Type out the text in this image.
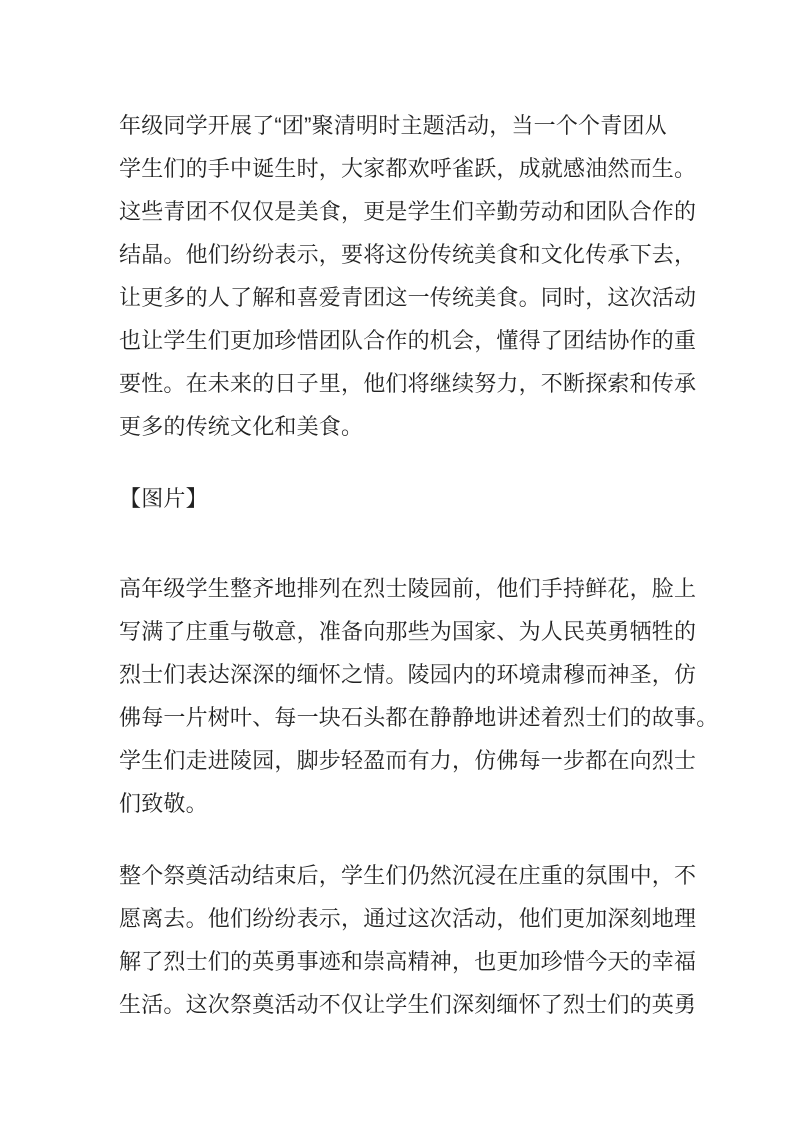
年级同学开展了“团”聚清明时主题活动，当一个个青团从
学生们的手中诞生时，大家都欢呼雀跃，成就感油然而生。
这些青团不仅仅是美食，更是学生们辛勤劳动和团队合作的
结晶。他们纷纷表示，要将这份传统美食和文化传承下去，
让更多的人了解和喜爱青团这一传统美食。同时，这次活动
也让学生们更加珍惜团队合作的机会，懂得了团结协作的重
要性。在未来的日子里，他们将继续努力，不断探索和传承
更多的传统文化和美食。
【图片】
高年级学生整齐地排列在烈士陵园前，他们手持鲜花，脸上
写满了庄重与敬意，准备向那些为国家、为人民英勇牺牲的
烈士们表达深深的缅怀之情。陵园内的环境肃穆而神圣，仿
佛每一片树叶、每一块石头都在静静地讲述着烈士们的故事。
学生们走进陵园，脚步轻盈而有力，仿佛每一步都在向烈士
们致敬。
整个祭奠活动结束后，学生们仍然沉浸在庄重的氛围中，不
愿离去。他们纷纷表示，通过这次活动，他们更加深刻地理
解了烈士们的英勇事迹和崇高精神，也更加珍惜今天的幸福
生活。这次祭奠活动不仅让学生们深刻缅怀了烈士们的英勇
